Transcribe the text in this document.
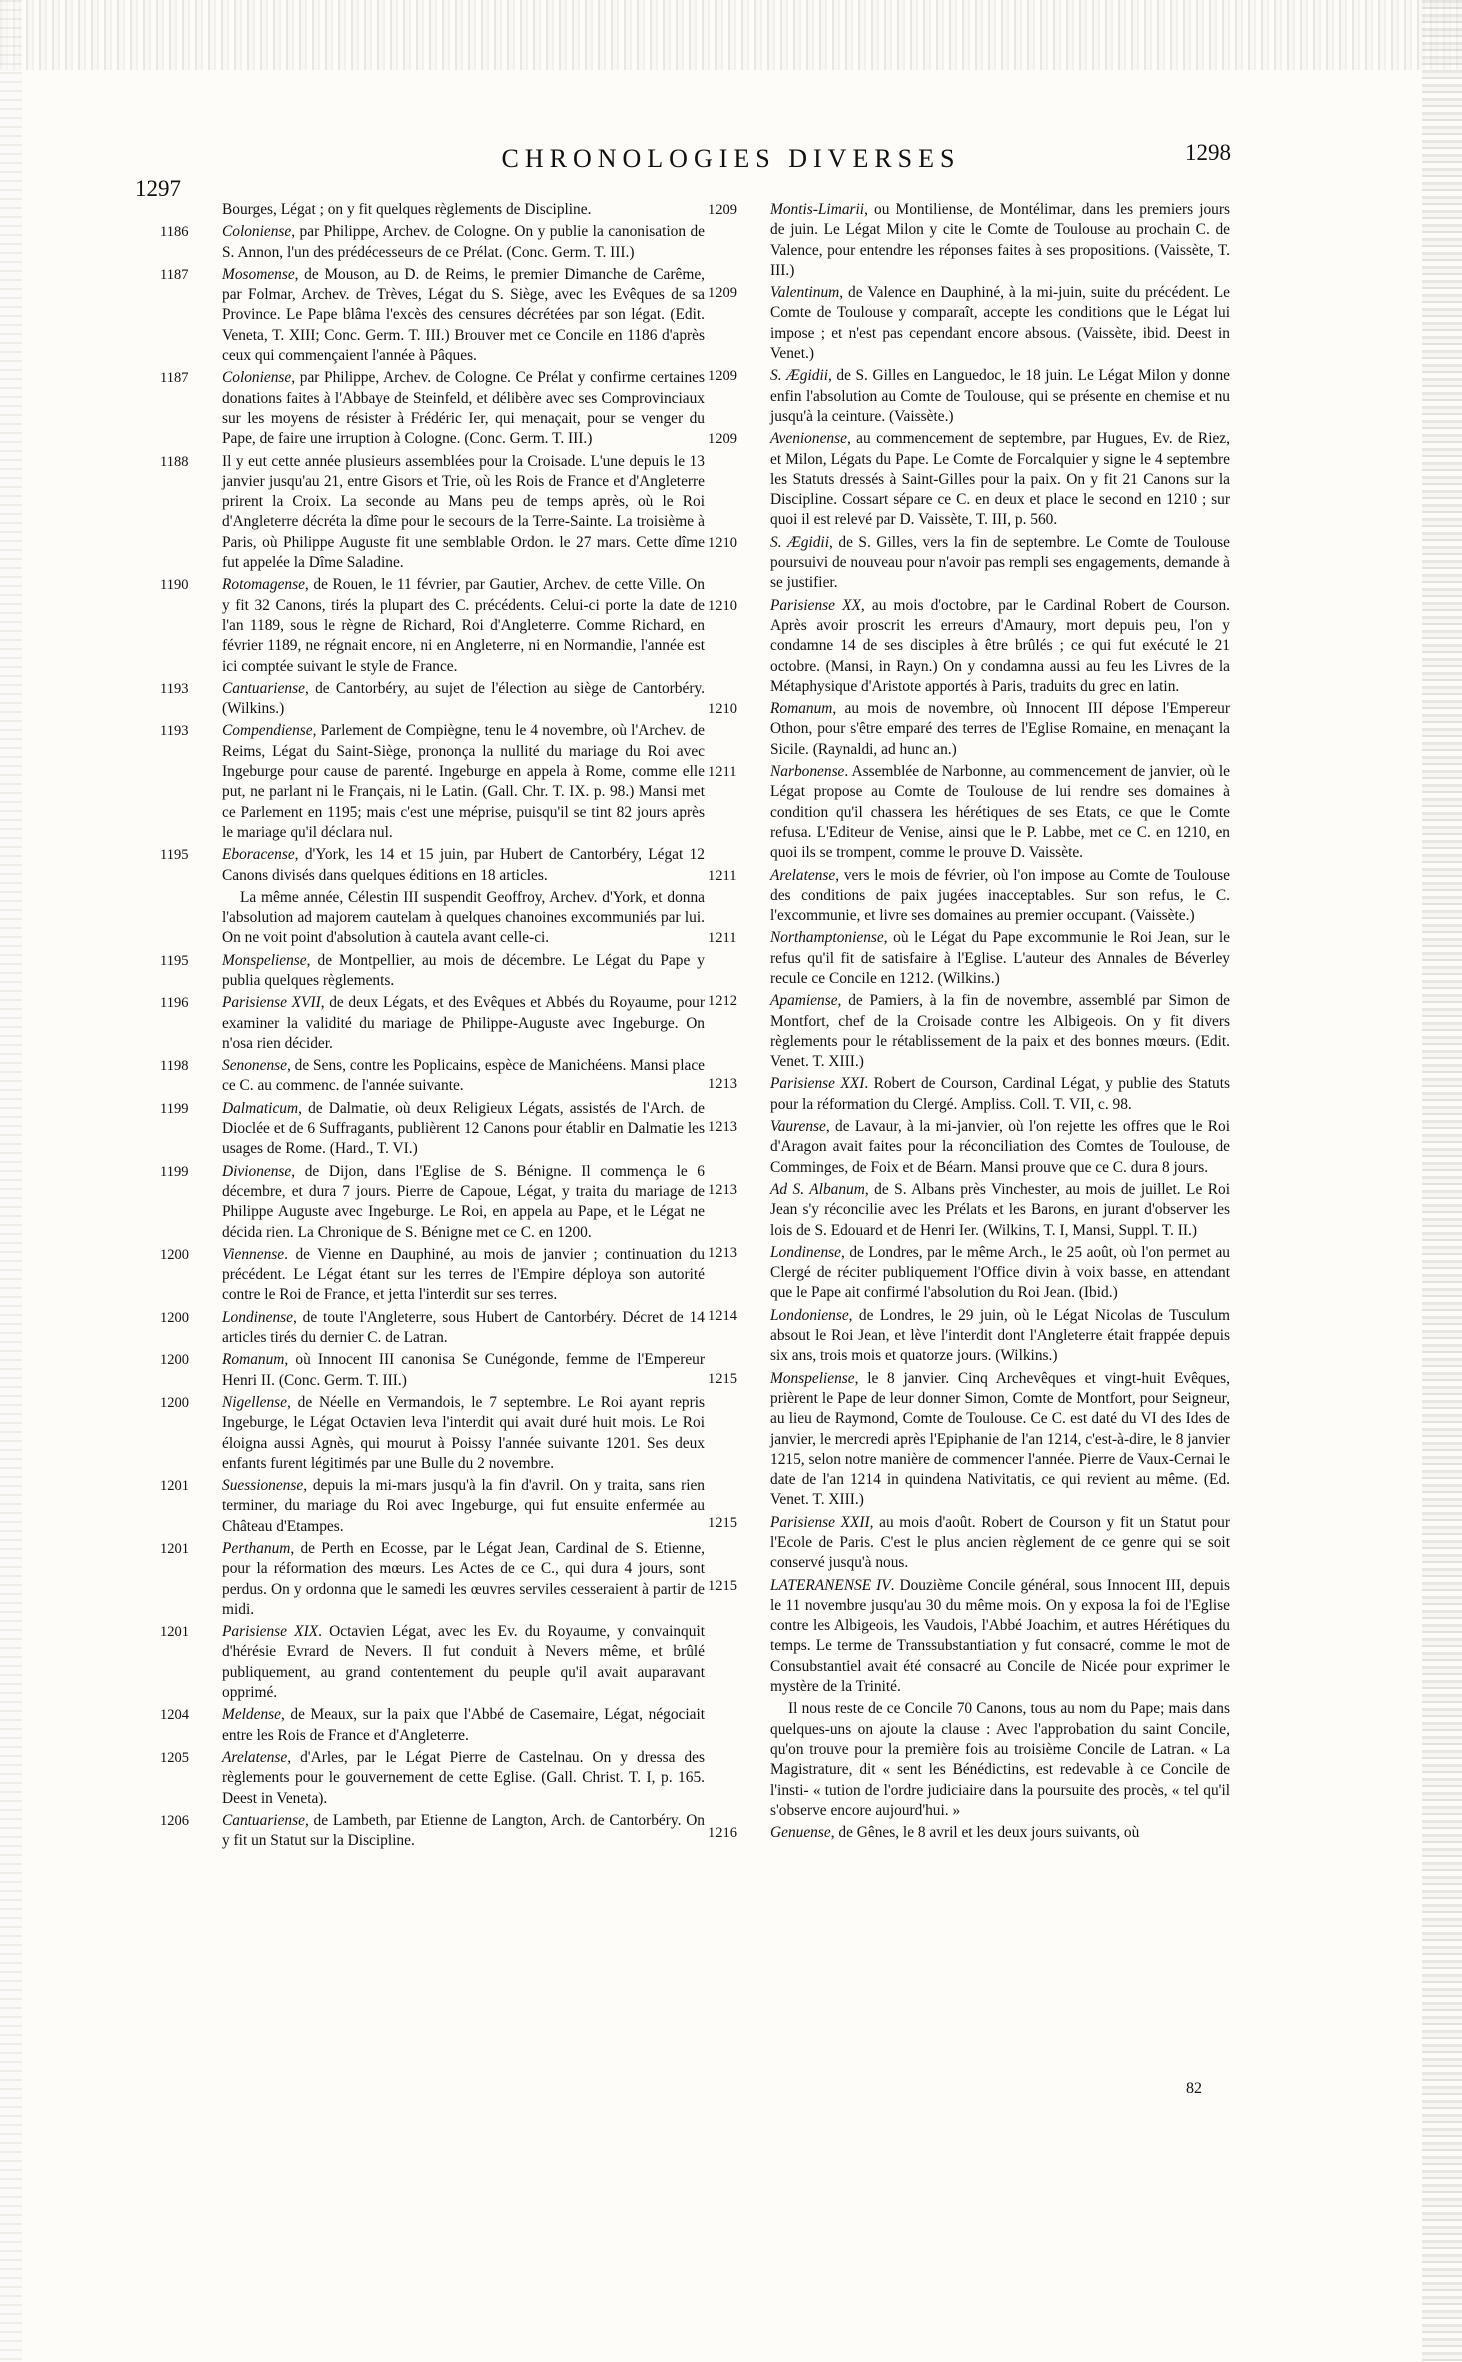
1297
CHRONOLOGIES DIVERSES	1298
Bourges, Légat ; on y fit quelques règlements de Discipline.
1186 Coloniense, par Philippe, Archev. de Cologne. On y publie la canonisation de S. Annon, l'un des prédécesseurs de ce Prélat. (Conc. Germ. T. III.)
1187 Mosomense, de Mouson, au D. de Reims, le premier Dimanche de Carême, par Folmar, Archev. de Trèves, Légat du S. Siège, avec les Evêques de sa Province. Le Pape blâma l'excès des censures décrétées par son légat. (Edit. Veneta, T. XIII; Conc. Germ. T. III.) Brouver met ce Concile en 1186 d'après ceux qui commençaient l'année à Pâques.
1187 Coloniense, par Philippe, Archev. de Cologne. Ce Prélat y confirme certaines donations faites à l'Abbaye de Steinfeld, et délibère avec ses Comprovinciaux sur les moyens de résister à Frédéric Ier, qui menaçait, pour se venger du Pape, de faire une irruption à Cologne. (Conc. Germ. T. III.)
1188 Il y eut cette année plusieurs assemblées pour la Croisade. L'une depuis le 13 janvier jusqu'au 21, entre Gisors et Trie, où les Rois de France et d'Angleterre prirent la Croix. La seconde au Mans peu de temps après, où le Roi d'Angleterre décréta la dîme pour le secours de la Terre-Sainte. La troisième à Paris, où Philippe Auguste fit une semblable Ordon. le 27 mars. Cette dîme fut appelée la Dîme Saladine.
1190 Rotomagense, de Rouen, le 11 février, par Gautier, Archev. de cette Ville. On y fit 32 Canons, tirés la plupart des C. précédents. Celui-ci porte la date de l'an 1189, sous le règne de Richard, Roi d'Angleterre. Comme Richard, en février 1189, ne régnait encore, ni en Angleterre, ni en Normandie, l'année est ici comptée suivant le style de France.
1193 Cantuariense, de Cantorbéry, au sujet de l'élection au siège de Cantorbéry. (Wilkins.)
1193 Compendiense, Parlement de Compiègne, tenu le 4 novembre, où l'Archev. de Reims, Légat du Saint-Siège, prononça la nullité du mariage du Roi avec Ingeburge pour cause de parenté. Ingeburge en appela à Rome, comme elle put, ne parlant ni le Français, ni le Latin. (Gall. Chr. T. IX. p. 98.) Mansi met ce Parlement en 1195; mais c'est une méprise, puisqu'il se tint 82 jours après le mariage qu'il déclara nul.
1195 Eboracense, d'York, les 14 et 15 juin, par Hubert de Cantorbéry, Légat 12 Canons divisés dans quelques éditions en 18 articles.
La même année, Célestin III suspendit Geoffroy, Archev. d'York, et donna l'absolution ad majorem cautelam à quelques chanoines excommuniés par lui. On ne voit point d'absolution à cautela avant celle-ci.
1195 Monspeliense, de Montpellier, au mois de décembre. Le Légat du Pape y publia quelques règlements.
1196 Parisiense XVII, de deux Légats, et des Evêques et Abbés du Royaume, pour examiner la validité du mariage de Philippe-Auguste avec Ingeburge. On n'osa rien décider.
1198 Senonense, de Sens, contre les Poplicains, espèce de Manichéens. Mansi place ce C. au commenc. de l'année suivante.
1199 Dalmaticum, de Dalmatie, où deux Religieux Légats, assistés de l'Arch. de Dioclée et de 6 Suffragants, publièrent 12 Canons pour établir en Dalmatie les usages de Rome. (Hard., T. VI.)
1199 Divionense, de Dijon, dans l'Eglise de S. Bénigne. Il commença le 6 décembre, et dura 7 jours. Pierre de Capoue, Légat, y traita du mariage de Philippe Auguste avec Ingeburge. Le Roi, en appela au Pape, et le Légat ne décida rien. La Chronique de S. Bénigne met ce C. en 1200.
1200 Viennense. de Vienne en Dauphiné, au mois de janvier ; continuation du précédent. Le Légat étant sur les terres de l'Empire déploya son autorité contre le Roi de France, et jetta l'interdit sur ses terres.
1200 Londinense, de toute l'Angleterre, sous Hubert de Cantorbéry. Décret de 14 articles tirés du dernier C. de Latran.
1200 Romanum, où Innocent III canonisa Se Cunégonde, femme de l'Empereur Henri II. (Conc. Germ. T. III.)
1200 Nigellense, de Néelle en Vermandois, le 7 septembre. Le Roi ayant repris Ingeburge, le Légat Octavien leva l'interdit qui avait duré huit mois. Le Roi éloigna aussi Agnès, qui mourut à Poissy l'année suivante 1201. Ses deux enfants furent légitimés par une Bulle du 2 novembre.
1201 Suessionense, depuis la mi-mars jusqu'à la fin d'avril. On y traita, sans rien terminer, du mariage du Roi avec Ingeburge, qui fut ensuite enfermée au Château d'Etampes.
1201 Perthanum, de Perth en Ecosse, par le Légat Jean, Cardinal de S. Etienne, pour la réformation des mœurs. Les Actes de ce C., qui dura 4 jours, sont perdus. On y ordonna que le samedi les œuvres serviles cesseraient à partir de midi.
1201 Parisiense XIX. Octavien Légat, avec les Ev. du Royaume, y convainquit d'hérésie Evrard de Nevers. Il fut conduit à Nevers même, et brûlé publiquement, au grand contentement du peuple qu'il avait auparavant opprimé.
1204 Meldense, de Meaux, sur la paix que l'Abbé de Casemaire, Légat, négociait entre les Rois de France et d'Angleterre.
1205 Arelatense, d'Arles, par le Légat Pierre de Castelnau. On y dressa des règlements pour le gouvernement de cette Eglise. (Gall. Christ. T. I, p. 165. Deest in Veneta).
1206 Cantuariense, de Lambeth, par Etienne de Langton, Arch. de Cantorbéry. On y fit un Statut sur la Discipline.
1209 Montis-Limarii, ou Montiliense, de Montélimar, dans les premiers jours de juin. Le Légat Milon y cite le Comte de Toulouse au prochain C. de Valence, pour entendre les réponses faites à ses propositions. (Vaissète, T. III.)
1209 Valentinum, de Valence en Dauphiné, à la mi-juin, suite du précédent. Le Comte de Toulouse y comparaît, accepte les conditions que le Légat lui impose ; et n'est pas cependant encore absous. (Vaissète, ibid. Deest in Venet.)
1209 S. Ægidii, de S. Gilles en Languedoc, le 18 juin. Le Légat Milon y donne enfin l'absolution au Comte de Toulouse, qui se présente en chemise et nu jusqu'à la ceinture. (Vaissète.)
1209 Avenionense, au commencement de septembre, par Hugues, Ev. de Riez, et Milon, Légats du Pape. Le Comte de Forcalquier y signe le 4 septembre les Statuts dressés à Saint-Gilles pour la paix. On y fit 21 Canons sur la Discipline. Cossart sépare ce C. en deux et place le second en 1210 ; sur quoi il est relevé par D. Vaissète, T. III, p. 560.
1210 S. Ægidii, de S. Gilles, vers la fin de septembre. Le Comte de Toulouse poursuivi de nouveau pour n'avoir pas rempli ses engagements, demande à se justifier.
1210 Parisiense XX, au mois d'octobre, par le Cardinal Robert de Courson. Après avoir proscrit les erreurs d'Amaury, mort depuis peu, l'on y condamne 14 de ses disciples à être brûlés ; ce qui fut exécuté le 21 octobre. (Mansi, in Rayn.) On y condamna aussi au feu les Livres de la Métaphysique d'Aristote apportés à Paris, traduits du grec en latin.
1210 Romanum, au mois de novembre, où Innocent III dépose l'Empereur Othon, pour s'être emparé des terres de l'Eglise Romaine, en menaçant la Sicile. (Raynaldi, ad hunc an.)
1211 Narbonense. Assemblée de Narbonne, au commencement de janvier, où le Légat propose au Comte de Toulouse de lui rendre ses domaines à condition qu'il chassera les hérétiques de ses Etats, ce que le Comte refusa. L'Editeur de Venise, ainsi que le P. Labbe, met ce C. en 1210, en quoi ils se trompent, comme le prouve D. Vaissète.
1211 Arelatense, vers le mois de février, où l'on impose au Comte de Toulouse des conditions de paix jugées inacceptables. Sur son refus, le C. l'excommunie, et livre ses domaines au premier occupant. (Vaissète.)
1211 Northamptoniense, où le Légat du Pape excommunie le Roi Jean, sur le refus qu'il fit de satisfaire à l'Eglise. L'auteur des Annales de Béverley recule ce Concile en 1212. (Wilkins.)
1212 Apamiense, de Pamiers, à la fin de novembre, assemblé par Simon de Montfort, chef de la Croisade contre les Albigeois. On y fit divers règlements pour le rétablissement de la paix et des bonnes mœurs. (Edit. Venet. T. XIII.)
1213 Parisiense XXI. Robert de Courson, Cardinal Légat, y publie des Statuts pour la réformation du Clergé. Ampliss. Coll. T. VII, c. 98.
1213 Vaurense, de Lavaur, à la mi-janvier, où l'on rejette les offres que le Roi d'Aragon avait faites pour la réconciliation des Comtes de Toulouse, de Comminges, de Foix et de Béarn. Mansi prouve que ce C. dura 8 jours.
1213 Ad S. Albanum, de S. Albans près Vinchester, au mois de juillet. Le Roi Jean s'y réconcilie avec les Prélats et les Barons, en jurant d'observer les lois de S. Edouard et de Henri Ier. (Wilkins, T. I, Mansi, Suppl. T. II.)
1213 Londinense, de Londres, par le même Arch., le 25 août, où l'on permet au Clergé de réciter publiquement l'Office divin à voix basse, en attendant que le Pape ait confirmé l'absolution du Roi Jean. (Ibid.)
1214 Londoniense, de Londres, le 29 juin, où le Légat Nicolas de Tusculum absout le Roi Jean, et lève l'interdit dont l'Angleterre était frappée depuis six ans, trois mois et quatorze jours. (Wilkins.)
1215 Monspeliense, le 8 janvier. Cinq Archevêques et vingt-huit Evêques, prièrent le Pape de leur donner Simon, Comte de Montfort, pour Seigneur, au lieu de Raymond, Comte de Toulouse. Ce C. est daté du VI des Ides de janvier, le mercredi après l'Epiphanie de l'an 1214, c'est-à-dire, le 8 janvier 1215, selon notre manière de commencer l'année. Pierre de Vaux-Cernai le date de l'an 1214 in quindena Nativitatis, ce qui revient au même. (Ed. Venet. T. XIII.)
1215 Parisiense XXII, au mois d'août. Robert de Courson y fit un Statut pour l'Ecole de Paris. C'est le plus ancien règlement de ce genre qui se soit conservé jusqu'à nous.
1215 LATERANENSE IV. Douzième Concile général, sous Innocent III, depuis le 11 novembre jusqu'au 30 du même mois. On y exposa la foi de l'Eglise contre les Albigeois, les Vaudois, l'Abbé Joachim, et autres Hérétiques du temps. Le terme de Transsubstantiation y fut consacré, comme le mot de Consubstantiel avait été consacré au Concile de Nicée pour exprimer le mystère de la Trinité.
Il nous reste de ce Concile 70 Canons, tous au nom du Pape; mais dans quelques-uns on ajoute la clause : Avec l'approbation du saint Concile, qu'on trouve pour la première fois au troisième Concile de Latran. « La Magistrature, dit « sent les Bénédictins, est redevable à ce Concile de l'insti- « tution de l'ordre judiciaire dans la poursuite des procès, « tel qu'il s'observe encore aujourd'hui. »
1216 Genuense, de Gênes, le 8 avril et les deux jours suivants, où
82
